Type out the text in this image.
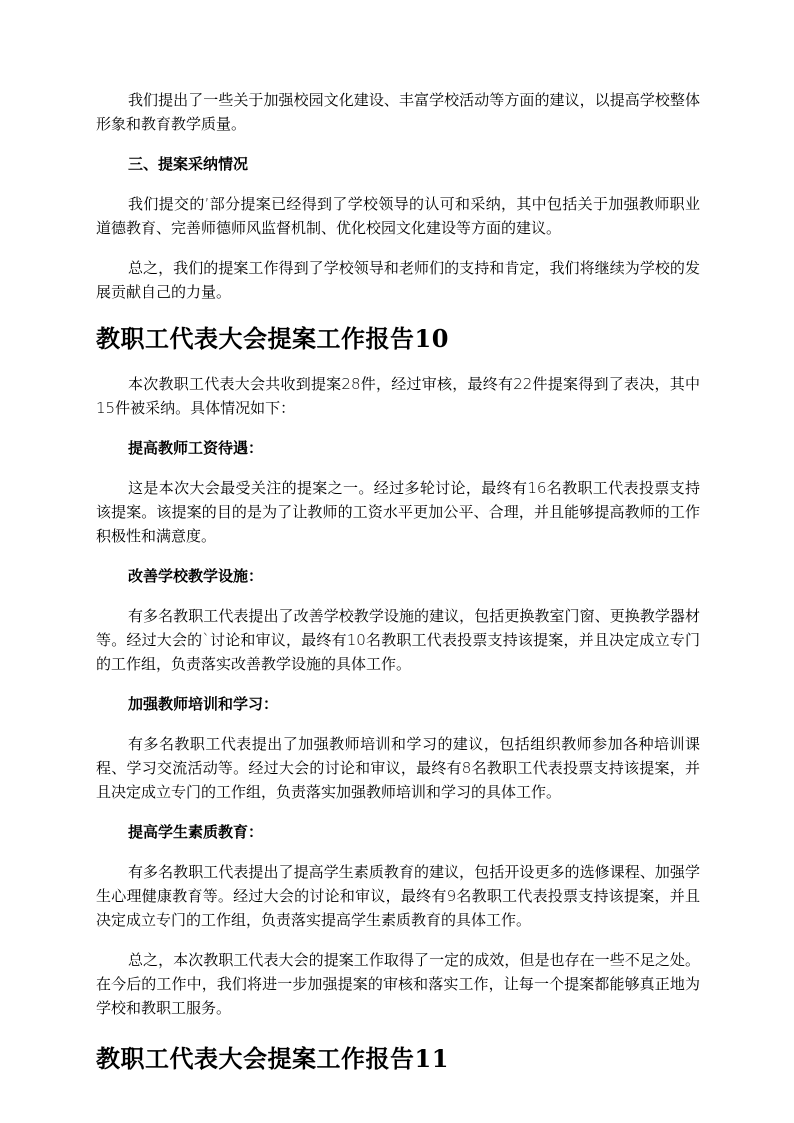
我们提出了一些关于加强校园文化建设、丰富学校活动等方面的建议，以提高学校整体形象和教育教学质量。

三、提案采纳情况

我们提交的’部分提案已经得到了学校领导的认可和采纳，其中包括关于加强教师职业道德教育、完善师德师风监督机制、优化校园文化建设等方面的建议。

总之，我们的提案工作得到了学校领导和老师们的支持和肯定，我们将继续为学校的发展贡献自己的力量。

教职工代表大会提案工作报告10

本次教职工代表大会共收到提案28件，经过审核，最终有22件提案得到了表决，其中15件被采纳。具体情况如下：

提高教师工资待遇：

这是本次大会最受关注的提案之一。经过多轮讨论，最终有16名教职工代表投票支持该提案。该提案的目的是为了让教师的工资水平更加公平、合理，并且能够提高教师的工作积极性和满意度。

改善学校教学设施：

有多名教职工代表提出了改善学校教学设施的建议，包括更换教室门窗、更换教学器材等。经过大会的`讨论和审议，最终有10名教职工代表投票支持该提案，并且决定成立专门的工作组，负责落实改善教学设施的具体工作。

加强教师培训和学习：

有多名教职工代表提出了加强教师培训和学习的建议，包括组织教师参加各种培训课程、学习交流活动等。经过大会的讨论和审议，最终有8名教职工代表投票支持该提案，并且决定成立专门的工作组，负责落实加强教师培训和学习的具体工作。

提高学生素质教育：

有多名教职工代表提出了提高学生素质教育的建议，包括开设更多的选修课程、加强学生心理健康教育等。经过大会的讨论和审议，最终有9名教职工代表投票支持该提案，并且决定成立专门的工作组，负责落实提高学生素质教育的具体工作。

总之，本次教职工代表大会的提案工作取得了一定的成效，但是也存在一些不足之处。在今后的工作中，我们将进一步加强提案的审核和落实工作，让每一个提案都能够真正地为学校和教职工服务。

教职工代表大会提案工作报告11
